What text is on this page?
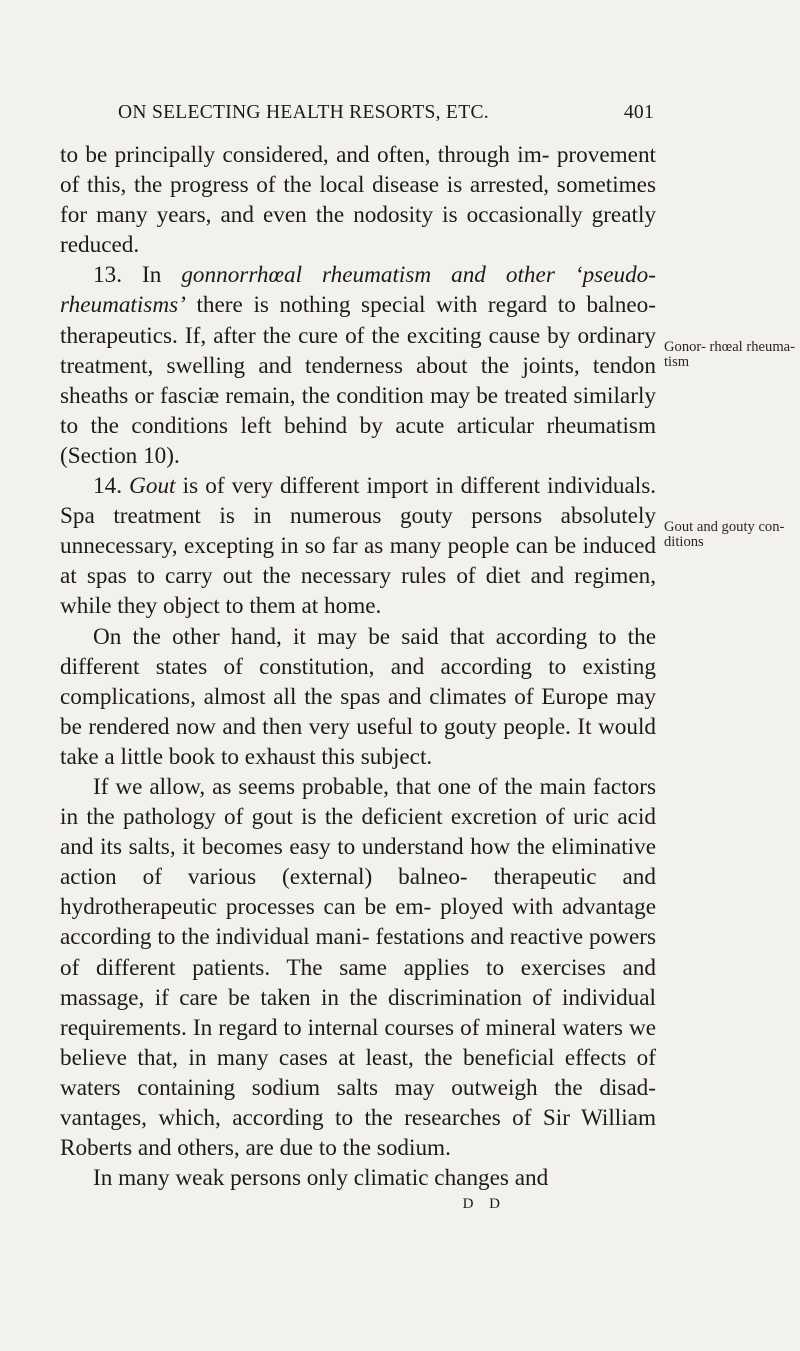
ON SELECTING HEALTH RESORTS, ETC.	401

to be principally considered, and often, through im- provement of this, the progress of the local disease is arrested, sometimes for many years, and even the nodosity is occasionally greatly reduced.

13. In gonnorrhœal rheumatism and other ‘pseudo- rheumatisms’ there is nothing special with regard to balneo-therapeutics. If, after the cure of the exciting cause by ordinary treatment, swelling and tenderness about the joints, tendon sheaths or fasciæ remain, the condition may be treated similarly to the conditions left behind by acute articular rheumatism (Section 10).

14. Gout is of very different import in different individuals. Spa treatment is in numerous gouty persons absolutely unnecessary, excepting in so far as many people can be induced at spas to carry out the necessary rules of diet and regimen, while they object to them at home.

On the other hand, it may be said that according to the different states of constitution, and according to existing complications, almost all the spas and climates of Europe may be rendered now and then very useful to gouty people. It would take a little book to exhaust this subject.

If we allow, as seems probable, that one of the main factors in the pathology of gout is the deficient excretion of uric acid and its salts, it becomes easy to understand how the eliminative action of various (external) balneo- therapeutic and hydrotherapeutic processes can be em- ployed with advantage according to the individual mani- festations and reactive powers of different patients. The same applies to exercises and massage, if care be taken in the discrimination of individual requirements. In regard to internal courses of mineral waters we believe that, in many cases at least, the beneficial effects of waters containing sodium salts may outweigh the disad- vantages, which, according to the researches of Sir William Roberts and others, are due to the sodium.

In many weak persons only climatic changes and

D D

Gonor- rhœal rheuma- tism
Gout and gouty con- ditions
